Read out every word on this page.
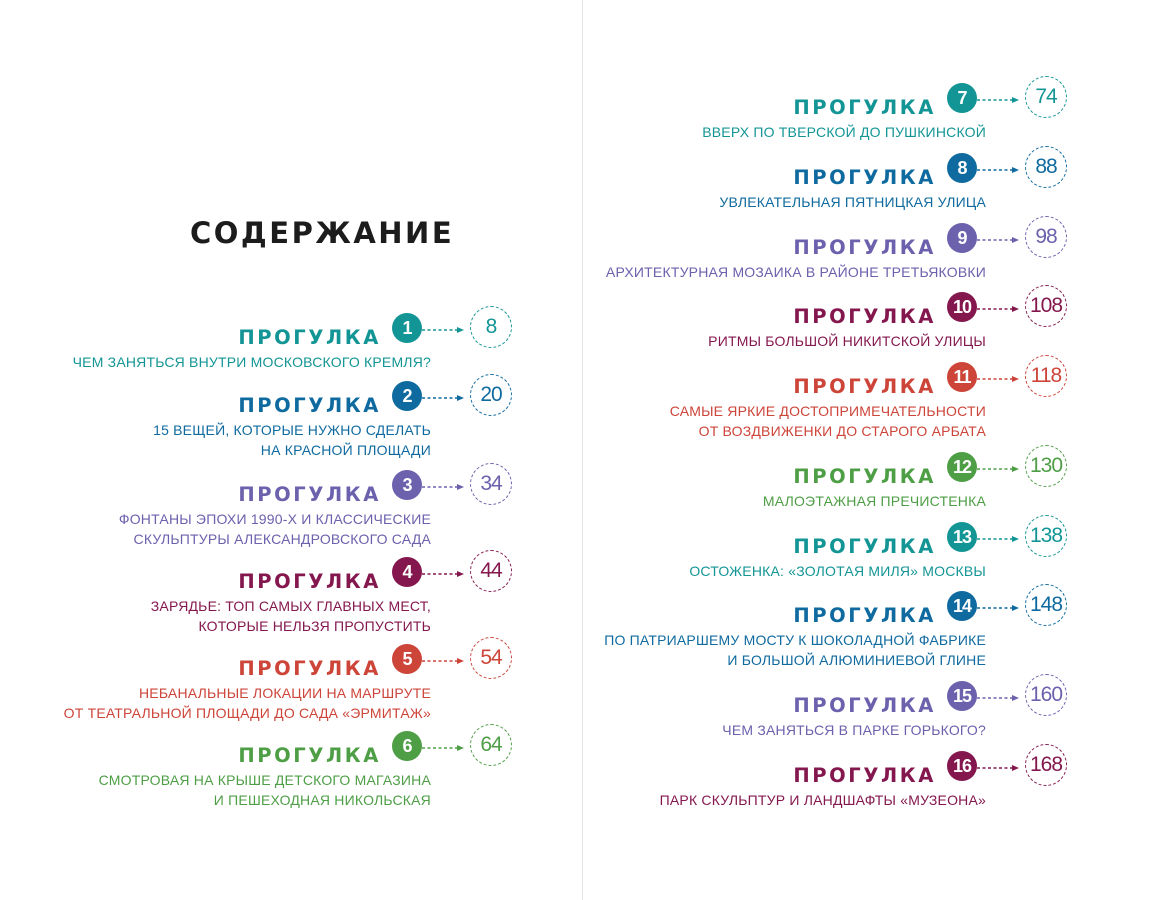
СОДЕРЖАНИЕ
ПРОГУЛКА	1	8

ЧЕМ ЗАНЯТЬСЯ ВНУТРИ МОСКОВСКОГО КРЕМЛЯ?

ПРОГУЛКА	2	20

15 ВЕЩЕЙ, КОТОРЫЕ НУЖНО СДЕЛАТЬ
НА КРАСНОЙ ПЛОЩАДИ

ПРОГУЛКА	3	34

ФОНТАНЫ ЭПОХИ 1990-Х И КЛАССИЧЕСКИЕ
СКУЛЬПТУРЫ АЛЕКСАНДРОВСКОГО САДА

ПРОГУЛКА	4	44

ЗАРЯДЬЕ: ТОП САМЫХ ГЛАВНЫХ МЕСТ,
КОТОРЫЕ НЕЛЬЗЯ ПРОПУСТИТЬ

ПРОГУЛКА	5	54

НЕБАНАЛЬНЫЕ ЛОКАЦИИ НА МАРШРУТЕ
ОТ ТЕАТРАЛЬНОЙ ПЛОЩАДИ ДО САДА «ЭРМИТАЖ»

ПРОГУЛКА	6	64

СМОТРОВАЯ НА КРЫШЕ ДЕТСКОГО МАГАЗИНА
И ПЕШЕХОДНАЯ НИКОЛЬСКАЯ

ПРОГУЛКА	7	74

ВВЕРХ ПО ТВЕРСКОЙ ДО ПУШКИНСКОЙ

ПРОГУЛКА	8	88

УВЛЕКАТЕЛЬНАЯ ПЯТНИЦКАЯ УЛИЦА

ПРОГУЛКА	9	98

АРХИТЕКТУРНАЯ МОЗАИКА В РАЙОНЕ ТРЕТЬЯКОВКИ

ПРОГУЛКА 10	108

РИТМЫ БОЛЬШОЙ НИКИТСКОЙ УЛИЦЫ

ПРОГУЛКА 11	118

САМЫЕ ЯРКИЕ ДОСТОПРИМЕЧАТЕЛЬНОСТИ
ОТ ВОЗДВИЖЕНКИ ДО СТАРОГО АРБАТА

ПРОГУЛКА 12	130

МАЛОЭТАЖНАЯ ПРЕЧИСТЕНКА

ПРОГУЛКА 13	138

ОСТОЖЕНКА: «ЗОЛОТАЯ МИЛЯ» МОСКВЫ

ПРОГУЛКА 14	148

ПО ПАТРИАРШЕМУ МОСТУ К ШОКОЛАДНОЙ ФАБРИКЕ
И БОЛЬШОЙ АЛЮМИНИЕВОЙ ГЛИНЕ

ПРОГУЛКА 15	160

ЧЕМ ЗАНЯТЬСЯ В ПАРКЕ ГОРЬКОГО?

ПРОГУЛКА 16	168

ПАРК СКУЛЬПТУР И ЛАНДШАФТЫ «МУЗЕОНА»
